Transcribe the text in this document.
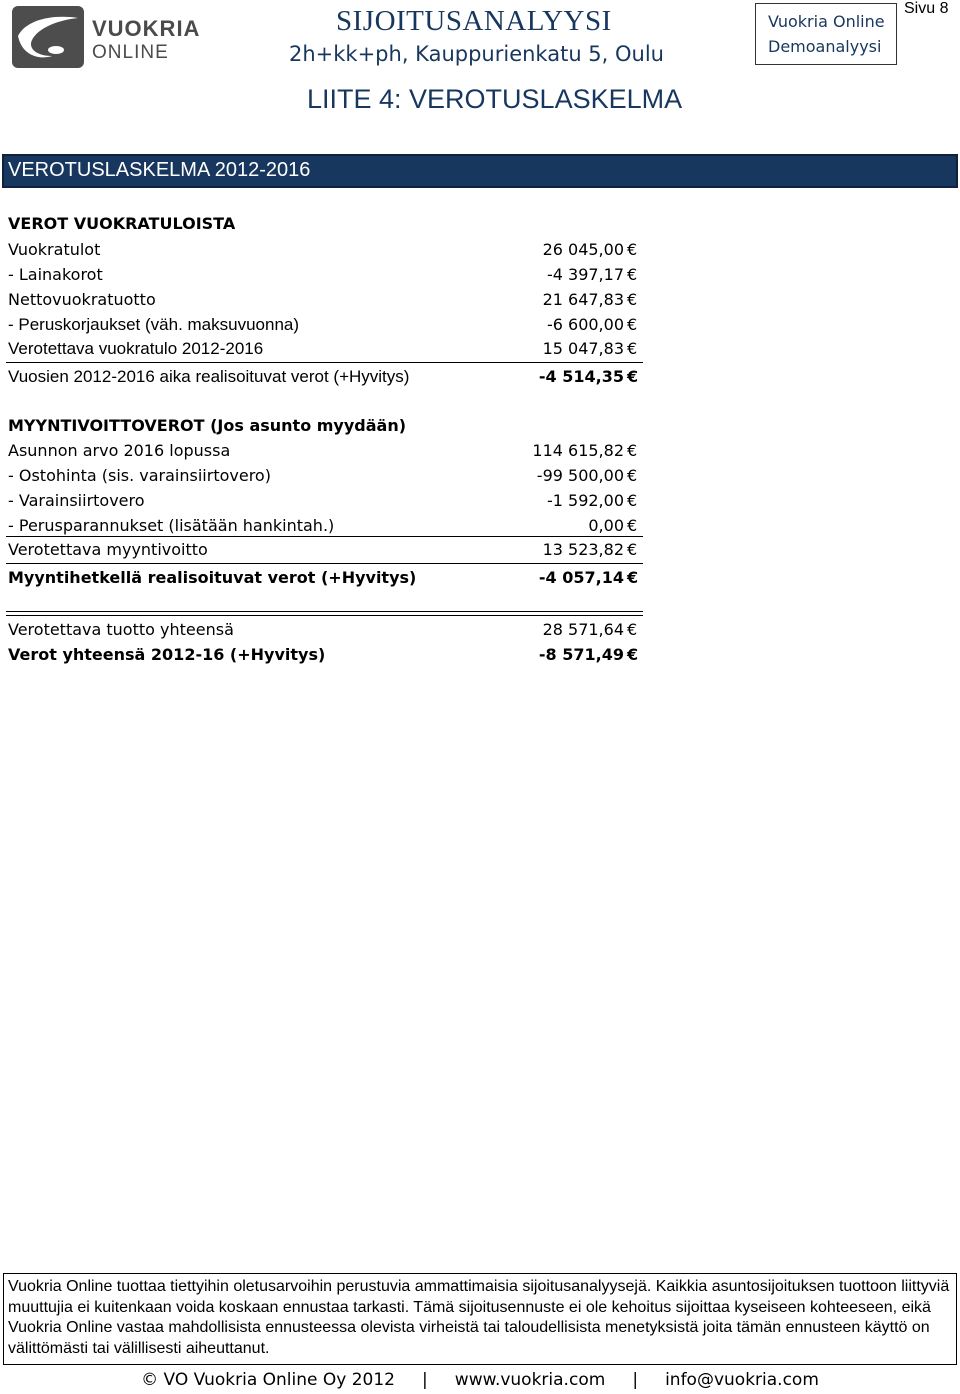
VUOKRIA
ONLINE
SIJOITUSANALYYSI
2h+kk+ph, Kauppurienkatu 5, Oulu
Vuokria Online
Demoanalyysi
Sivu 8
LIITE 4: VEROTUSLASKELMA
VEROTUSLASKELMA 2012-2016
VEROT VUOKRATULOISTA
Vuokratulot	26 045,00 €
- Lainakorot	-4 397,17 €
Nettovuokratuotto	21 647,83 €
- Peruskorjaukset (väh. maksuvuonna)	-6 600,00 €
Verotettava vuokratulo 2012-2016	15 047,83 €
Vuosien 2012-2016 aika realisoituvat verot (+Hyvitys)	-4 514,35 €
MYYNTIVOITTOVEROT (Jos asunto myydään)
Asunnon arvo 2016 lopussa	114 615,82 €
- Ostohinta (sis. varainsiirtovero)	-99 500,00 €
- Varainsiirtovero	-1 592,00 €
- Perusparannukset (lisätään hankintah.)	0,00 €
Verotettava myyntivoitto	13 523,82 €
Myyntihetkellä realisoituvat verot (+Hyvitys)	-4 057,14 €
Verotettava tuotto yhteensä	28 571,64 €
Verot yhteensä 2012-16 (+Hyvitys)	-8 571,49 €
Vuokria Online tuottaa tiettyihin oletusarvoihin perustuvia ammattimaisia sijoitusanalyysejä. Kaikkia asuntosijoituksen tuottoon liittyviä muuttujia ei kuitenkaan voida koskaan ennustaa tarkasti. Tämä sijoitusennuste ei ole kehoitus sijoittaa kyseiseen kohteeseen, eikä Vuokria Online vastaa mahdollisista ennusteessa olevista virheistä tai taloudellisista menetyksistä joita tämän ennusteen käyttö on välittömästi tai välillisesti aiheuttanut.
© VO Vuokria Online Oy 2012 | www.vuokria.com | info@vuokria.com
